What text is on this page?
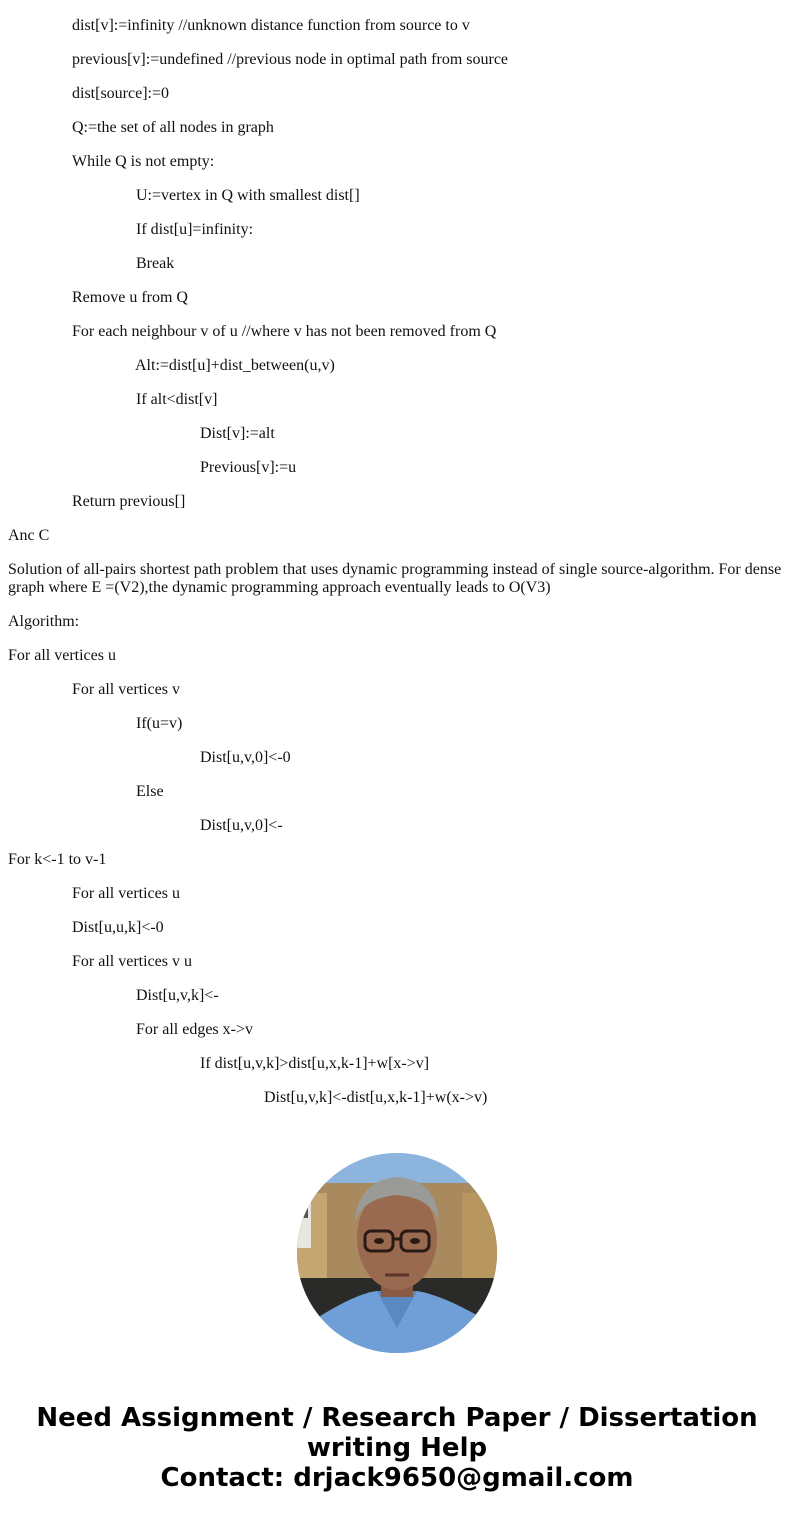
dist[v]:=infinity //unknown distance function from source to v
previous[v]:=undefined //previous node in optimal path from source
dist[source]:=0
Q:=the set of all nodes in graph
While Q is not empty:
U:=vertex in Q with smallest dist[]
If dist[u]=infinity:
Break
Remove u from Q
For each neighbour v of u //where v has not been removed from Q
Alt:=dist[u]+dist_between(u,v)
If alt<dist[v]
Dist[v]:=alt
Previous[v]:=u
Return previous[]
Anc C
Solution of all-pairs shortest path problem that uses dynamic programming instead of single source-algorithm. For dense graph where E =(V2),the dynamic programming approach eventually leads to O(V3)
Algorithm:
For all vertices u
For all vertices v
If(u=v)
Dist[u,v,0]<-0
Else
Dist[u,v,0]<-
For k<-1 to v-1
For all vertices u
Dist[u,u,k]<-0
For all vertices v u
Dist[u,v,k]<-
For all edges x->v
If dist[u,v,k]>dist[u,x,k-1]+w[x->v]
Dist[u,v,k]<-dist[u,x,k-1]+w(x->v)
Need Assignment / Research Paper / Dissertation
writing Help
Contact: drjack9650@gmail.com
